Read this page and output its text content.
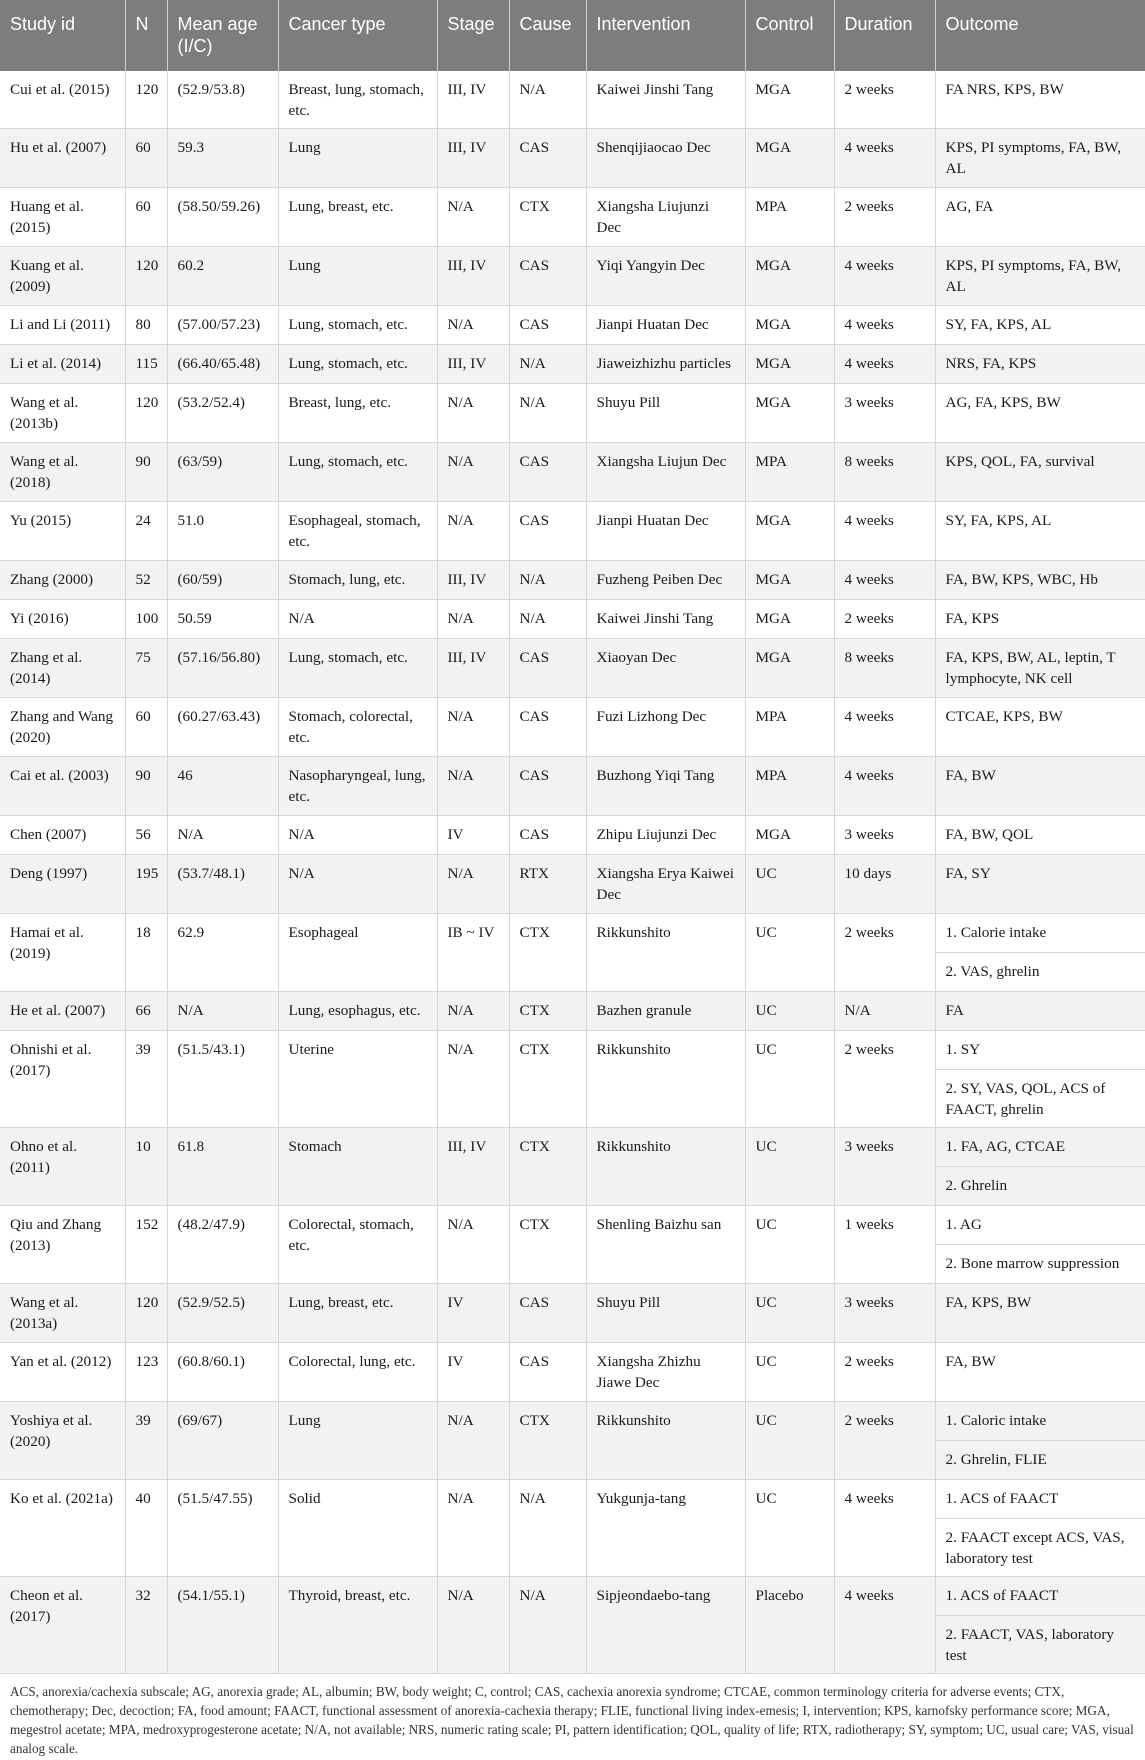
Study id	N	Mean age (I/C)	Cancer type	Stage	Cause	Intervention	Control	Duration	Outcome
Cui et al. (2015)	120	(52.9/53.8)	Breast, lung, stomach, etc.	III, IV	N/A	Kaiwei Jinshi Tang	MGA	2 weeks	FA NRS, KPS, BW

Hu et al. (2007)	60	59.3	Lung	III, IV	CAS	Shenqijiaocao Dec	MGA	4 weeks	KPS, PI symptoms, FA, BW, AL

Huang et al. (2015)	60	(58.50/59.26)	Lung, breast, etc.	N/A	CTX	Xiangsha Liujunzi Dec	MPA	2 weeks	AG, FA

Kuang et al. (2009)	120	60.2	Lung	III, IV	CAS	Yiqi Yangyin Dec	MGA	4 weeks	KPS, PI symptoms, FA, BW, AL

Li and Li (2011)	80	(57.00/57.23)	Lung, stomach, etc.	N/A	CAS	Jianpi Huatan Dec	MGA	4 weeks	SY, FA, KPS, AL

Li et al. (2014)	115	(66.40/65.48)	Lung, stomach, etc.	III, IV	N/A	Jiaweizhizhu particles	MGA	4 weeks	NRS, FA, KPS

Wang et al. (2013b)	120	(53.2/52.4)	Breast, lung, etc.	N/A	N/A	Shuyu Pill	MGA	3 weeks	AG, FA, KPS, BW

Wang et al. (2018)	90	(63/59)	Lung, stomach, etc.	N/A	CAS	Xiangsha Liujun Dec	MPA	8 weeks	KPS, QOL, FA, survival

Yu (2015)	24	51.0	Esophageal, stomach, etc.	N/A	CAS	Jianpi Huatan Dec	MGA	4 weeks	SY, FA, KPS, AL

Zhang (2000)	52	(60/59)	Stomach, lung, etc.	III, IV	N/A	Fuzheng Peiben Dec	MGA	4 weeks	FA, BW, KPS, WBC, Hb

Yi (2016)	100	50.59	N/A	N/A	N/A	Kaiwei Jinshi Tang	MGA	2 weeks	FA, KPS

Zhang et al. (2014)	75	(57.16/56.80)	Lung, stomach, etc.	III, IV	CAS	Xiaoyan Dec	MGA	8 weeks	FA, KPS, BW, AL, leptin, T lymphocyte, NK cell

Zhang and Wang (2020)	60	(60.27/63.43)	Stomach, colorectal, etc.	N/A	CAS	Fuzi Lizhong Dec	MPA	4 weeks	CTCAE, KPS, BW

Cai et al. (2003)	90	46	Nasopharyngeal, lung, etc.	N/A	CAS	Buzhong Yiqi Tang	MPA	4 weeks	FA, BW

Chen (2007)	56	N/A	N/A	IV	CAS	Zhipu Liujunzi Dec	MGA	3 weeks	FA, BW, QOL

Deng (1997)	195	(53.7/48.1)	N/A	N/A	RTX	Xiangsha Erya Kaiwei Dec	UC	10 days	FA, SY

Hamai et al. (2019)	18	62.9	Esophageal	IB ~ IV	CTX	Rikkunshito	UC	2 weeks	1. Calorie intake
2. VAS, ghrelin

He et al. (2007)	66	N/A	Lung, esophagus, etc.	N/A	CTX	Bazhen granule	UC	N/A	FA

Ohnishi et al. (2017)	39	(51.5/43.1)	Uterine	N/A	CTX	Rikkunshito	UC	2 weeks	1. SY
2. SY, VAS, QOL, ACS of FAACT, ghrelin

Ohno et al. (2011)	10	61.8	Stomach	III, IV	CTX	Rikkunshito	UC	3 weeks	1. FA, AG, CTCAE
2. Ghrelin

Qiu and Zhang (2013)	152	(48.2/47.9)	Colorectal, stomach, etc.	N/A	CTX	Shenling Baizhu san	UC	1 weeks	1. AG
2. Bone marrow suppression

Wang et al. (2013a)	120	(52.9/52.5)	Lung, breast, etc.	IV	CAS	Shuyu Pill	UC	3 weeks	FA, KPS, BW

Yan et al. (2012)	123	(60.8/60.1)	Colorectal, lung, etc.	IV	CAS	Xiangsha Zhizhu Jiawe Dec	UC	2 weeks	FA, BW

Yoshiya et al. (2020)	39	(69/67)	Lung	N/A	CTX	Rikkunshito	UC	2 weeks	1. Caloric intake
2. Ghrelin, FLIE

Ko et al. (2021a)	40	(51.5/47.55)	Solid	N/A	N/A	Yukgunja-tang	UC	4 weeks	1. ACS of FAACT
2. FAACT except ACS, VAS, laboratory test

Cheon et al. (2017)	32	(54.1/55.1)	Thyroid, breast, etc.	N/A	N/A	Sipjeondaebo-tang	Placebo	4 weeks	1. ACS of FAACT
2. FAACT, VAS, laboratory test
ACS, anorexia/cachexia subscale; AG, anorexia grade; AL, albumin; BW, body weight; C, control; CAS, cachexia anorexia syndrome; CTCAE, common terminology criteria for adverse events; CTX, chemotherapy; Dec, decoction; FA, food amount; FAACT, functional assessment of anorexia-cachexia therapy; FLIE, functional living index-emesis; I, intervention; KPS, karnofsky performance score; MGA, megestrol acetate; MPA, medroxyprogesterone acetate; N/A, not available; NRS, numeric rating scale; PI, pattern identification; QOL, quality of life; RTX, radiotherapy; SY, symptom; UC, usual care; VAS, visual analog scale.
